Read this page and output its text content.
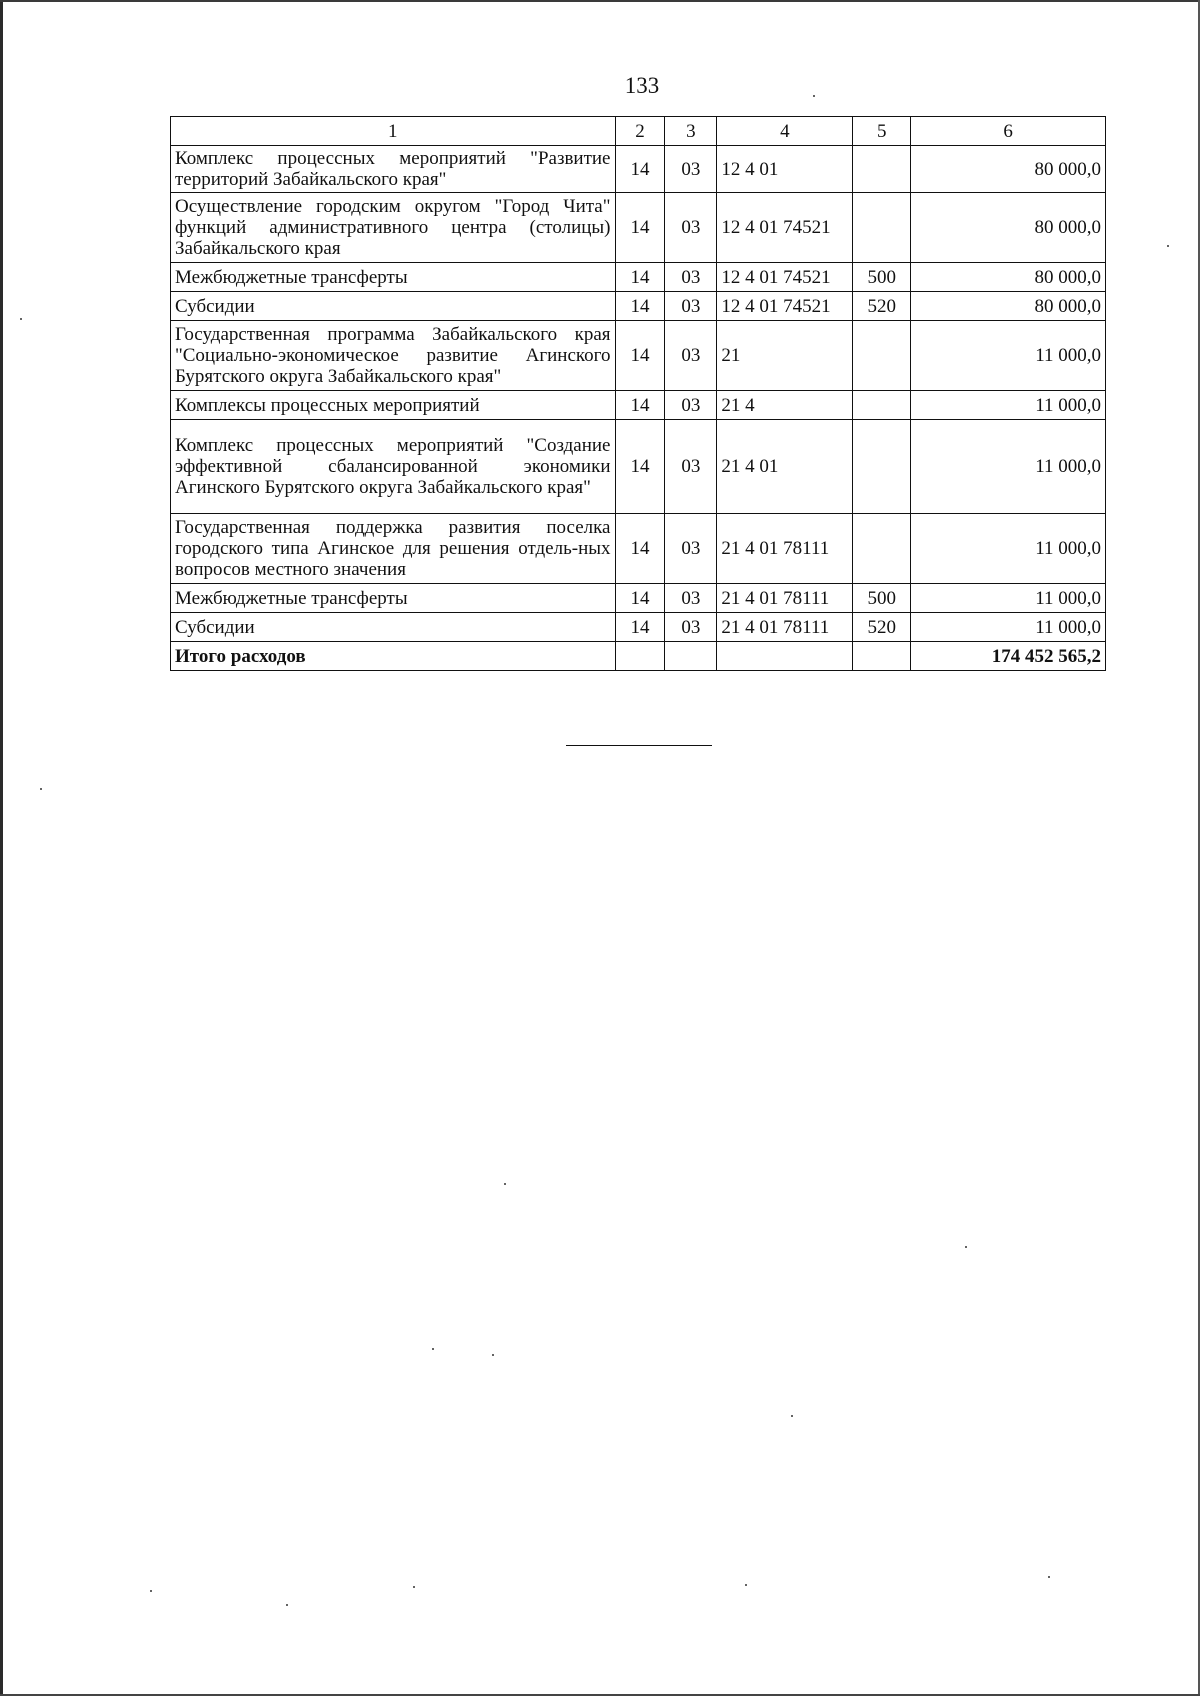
133
1	2	3	4	5	6
Комплекс процессных мероприятий "Развитие территорий Забайкальского края"	14	03	12 4 01		80 000,0
Осуществление городским округом "Город Чита" функций административного центра (столицы) Забайкальского края	14	03	12 4 01 74521		80 000,0
Межбюджетные трансферты	14	03	12 4 01 74521	500	80 000,0
Субсидии	14	03	12 4 01 74521	520	80 000,0
Государственная программа Забайкальского края "Социально-экономическое развитие Агинского Бурятского округа Забайкальского края"	14	03	21		11 000,0
Комплексы процессных мероприятий	14	03	21 4		11 000,0
Комплекс процессных мероприятий "Создание эффективной сбалансированной экономики Агинского Бурятского округа Забайкальского края"	14	03	21 4 01		11 000,0
Государственная поддержка развития поселка городского типа Агинское для решения отдель-ных вопросов местного значения	14	03	21 4 01 78111		11 000,0
Межбюджетные трансферты	14	03	21 4 01 78111	500	11 000,0
Субсидии	14	03	21 4 01 78111	520	11 000,0
Итого расходов					174 452 565,2
